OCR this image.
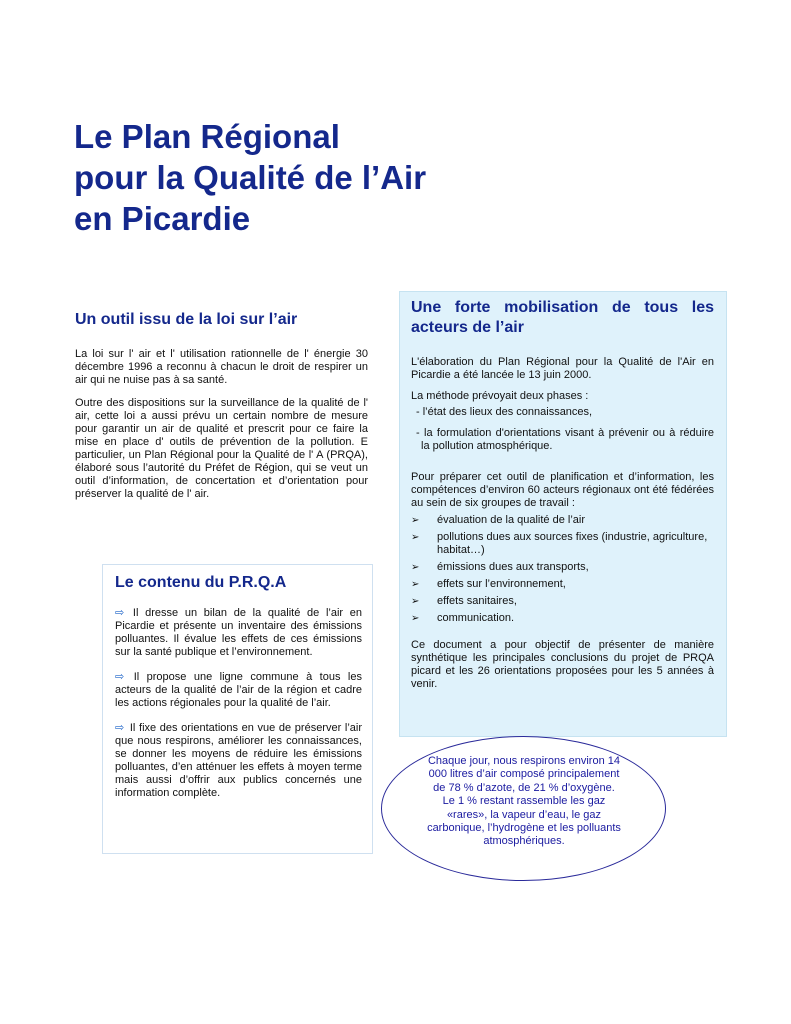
Le Plan Régional
pour la Qualité de l’Air
en Picardie
Un outil issu de la loi sur l’air

La loi sur l' air et l' utilisation rationnelle de l' énergie 30 décembre 1996 a reconnu à chacun le droit de respirer un air qui ne nuise pas à sa santé.

Outre des dispositions sur la surveillance de la qualité de l' air, cette loi a aussi prévu un certain nombre de mesure pour garantir un air de qualité et prescrit pour ce faire la mise en place d' outils de prévention de la pollution. E particulier, un Plan Régional pour la Qualité de l' A (PRQA), élaboré sous l’autorité du Préfet de Région, qui se veut un outil d’information, de concertation et d’orientation pour préserver la qualité de l' air.

Le contenu du P.R.Q.A

⇨ Il dresse un bilan de la qualité de l’air en Picardie et présente un inventaire des émissions polluantes. Il évalue les effets de ces émissions sur la santé publique et l’environnement.

⇨ Il propose une ligne commune à tous les acteurs de la qualité de l’air de la région et cadre les actions régionales pour la qualité de l’air.

⇨ Il fixe des orientations en vue de préserver l’air que nous respirons, améliorer les connaissances, se donner les moyens de réduire les émissions polluantes, d’en atténuer les effets à moyen terme mais aussi d’offrir aux publics concernés une information complète.

Une forte mobilisation de tous les acteurs de l’air

L'élaboration du Plan Régional pour la Qualité de l'Air en Picardie a été lancée le 13 juin 2000.

La méthode prévoyait deux phases :

- l’état des lieux des connaissances,

- la formulation d'orientations visant à prévenir ou à réduire la pollution atmosphérique.

Pour préparer cet outil de planification et d’information, les compétences d’environ 60 acteurs régionaux ont été fédérées au sein de six groupes de travail :

➢	évaluation de la qualité de l’air
➢	pollutions dues aux sources fixes (industrie, agriculture, habitat…)
➢	émissions dues aux transports,
➢	effets sur l’environnement,
➢	effets sanitaires,
➢	communication.

Ce document a pour objectif de présenter de manière synthétique les principales conclusions du projet de PRQA picard et les 26 orientations proposées pour les 5 années à venir.

Chaque jour, nous respirons environ 14 000 litres d’air composé principalement de 78 % d’azote, de 21 % d’oxygène. Le 1 % restant rassemble les gaz «rares», la vapeur d’eau, le gaz carbonique, l’hydrogène et les polluants atmosphériques.
